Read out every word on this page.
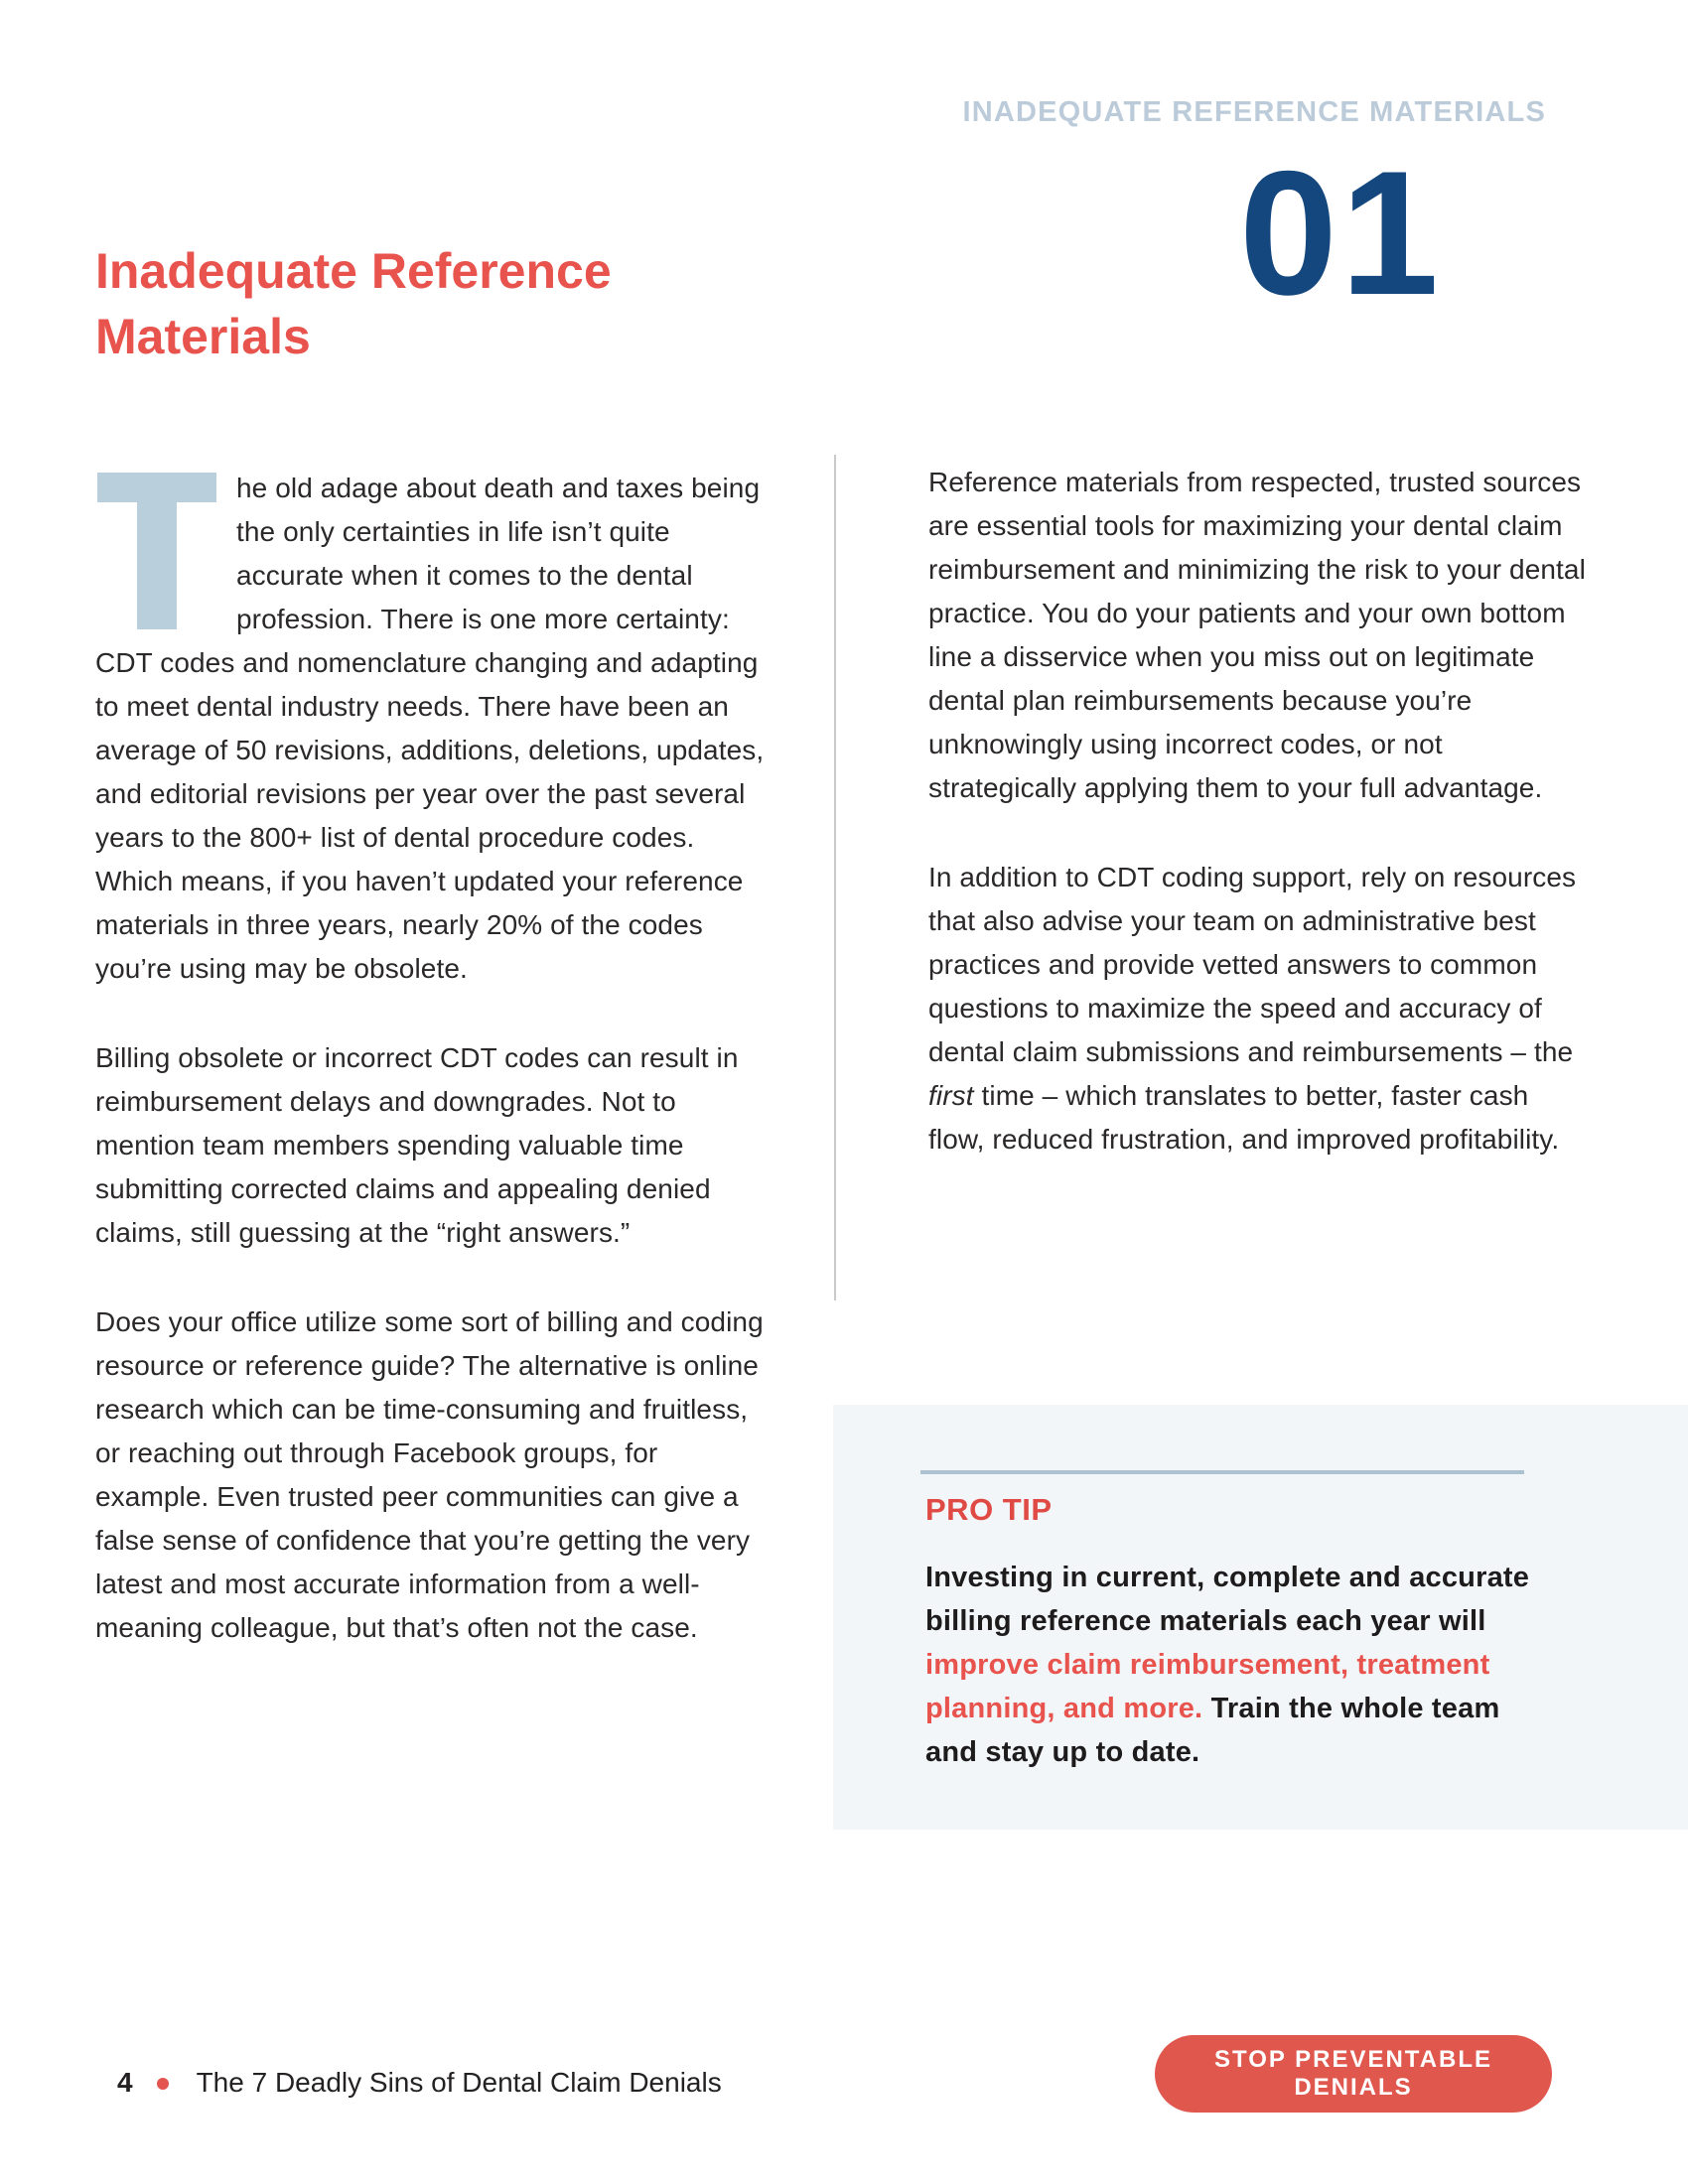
INADEQUATE REFERENCE MATERIALS
01
Inadequate Reference
Materials

he old adage about death and taxes being the only certainties in life isn’t quite accurate when it comes to the dental profession. There is one more certainty: CDT codes and nomenclature changing and adapting to meet dental industry needs. There have been an average of 50 revisions, additions, deletions, updates, and editorial revisions per year over the past several years to the 800+ list of dental procedure codes. Which means, if you haven’t updated your reference materials in three years, nearly 20% of the codes you’re using may be obsolete.

Billing obsolete or incorrect CDT codes can result in reimbursement delays and downgrades. Not to mention team members spending valuable time submitting corrected claims and appealing denied claims, still guessing at the “right answers.”

Does your office utilize some sort of billing and coding resource or reference guide? The alternative is online research which can be time-consuming and fruitless, or reaching out through Facebook groups, for example. Even trusted peer communities can give a false sense of confidence that you’re getting the very latest and most accurate information from a well-meaning colleague, but that’s often not the case.

Reference materials from respected, trusted sources are essential tools for maximizing your dental claim reimbursement and minimizing the risk to your dental practice. You do your patients and your own bottom line a disservice when you miss out on legitimate dental plan reimbursements because you’re unknowingly using incorrect codes, or not strategically applying them to your full advantage.

In addition to CDT coding support, rely on resources that also advise your team on administrative best practices and provide vetted answers to common questions to maximize the speed and accuracy of dental claim submissions and reimbursements – the first time – which translates to better, faster cash flow, reduced frustration, and improved profitability.

PRO TIP

Investing in current, complete and accurate billing reference materials each year will improve claim reimbursement, treatment planning, and more. Train the whole team and stay up to date.

4 The 7 Deadly Sins of Dental Claim Denials
STOP PREVENTABLE DENIALS
